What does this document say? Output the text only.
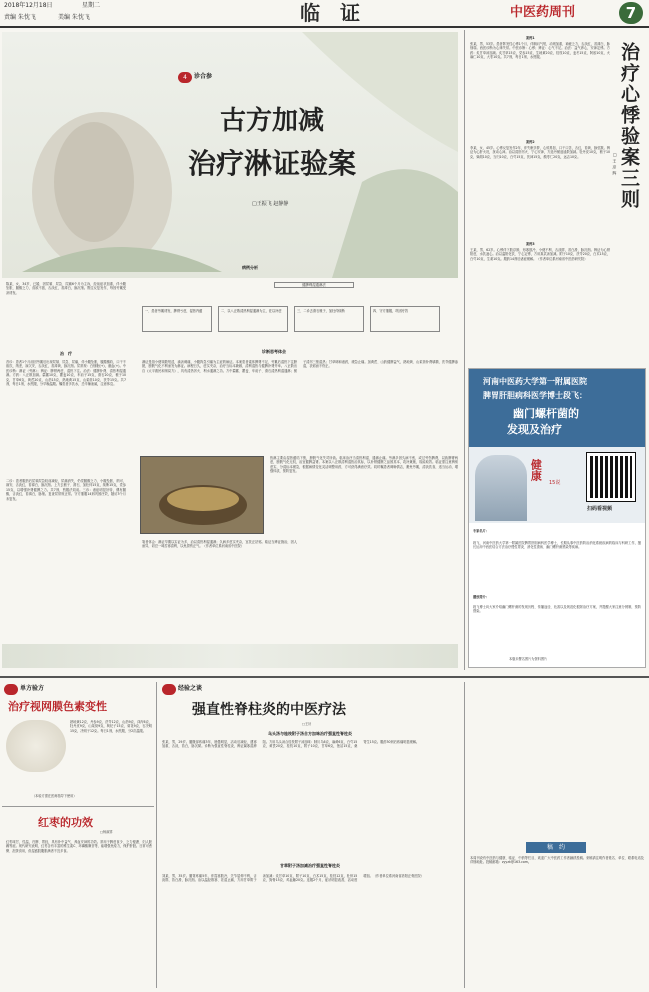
2018年12月18日	星期二
责编 朱忱飞	美编 朱忱飞	临　证	中医药周刊	7
4	诊合参
古方加减
治疗淋证验案
□王振飞 赵静静
陈某，女，34岁，已婚，因尿频、尿急、尿痛6个月为主诉，经前症状加重，伴小腹坠胀，腰酸乏力，食欲不振，舌淡红，苔薄白，脉沉细。既往反复发作，每因劳累受凉诱发。
治　疗
首诊：患者1个月前因劳累后出现尿频、尿急、尿痛，伴小腹坠胀，腰膝酸软，口干不欲饮，纳差，寐欠安，舌淡红，苔薄黄，脉沉细。尿常规：白细胞(+)，潜血(+)。中医诊断：淋证（劳淋）；辨证：脾肾两虚，湿热下注。治法：健脾补肾，清热利湿通淋。方药：八正散加减。萹蓄10克，瞿麦10克，车前子15克，滑石20克，栀子10克，甘草6克，黄芪20克，山药15克，熟地黄15克，山茱萸10克，茯苓15克。共7剂，每日1剂，水煎服，分早晚温服。嘱患者多饮水，忌辛辣油腻，注意休息。
二诊：患者服药后尿频尿急较前减轻，尿痛消失，仍觉腰酸乏力，小腹坠胀，纳可，寐安，舌淡红，苔薄白，脉沉细。上方去栀子、滑石，加杜仲15克，续断15克，党参15克，以增强补肾健脾之力。共7剂，煎服法同前。三诊：诸症明显好转，偶有腰酸，舌淡红，苔薄白，脉细。复查尿常规正常。守方继服14剂巩固疗效，随访3个月未复发。
病例分析
健脾利湿通淋法
一、患者劳累诱发，脾肾亏虚，湿热内蕴	二、以八正散清热利湿通淋为主，佐以补虚	三、二诊去滑石栀子，加杜仲续断	四、守方继服，巩固疗效
诊断思考体会
淋证是指小便频数短涩，滴沥刺痛，小腹拘急引痛为主症的病证。本案患者素体脾肾不足，劳累后湿热下注膀胱，膀胱气化不利而发为淋证。病程日久，虚实夹杂，治疗当标本兼顾，清利湿热与健脾补肾并举。八正散出自《太平惠民和剂局方》，具有清热泻火、利水通淋之功。方中萹蓄、瞿麦、车前子、滑石清热利湿通淋；栀子清泻三焦湿热；甘草调和诸药，缓急止痛。加黄芪、山药健脾益气，熟地黄、山茱萸补肾填精，茯苓健脾渗湿，祛邪而不伤正。
热淋主要由湿热蕴结下焦，膀胱气化失司所致。临床治疗当清热利湿、通淋止痛。劳淋多因久病不愈，或过劳伤脾肾，以致脾肾两虚，膀胱气化无权，治宜健脾益肾。本案以八正散清利湿热治其标，以补肾健脾之品固其本，攻补兼施，故能取效。临证需注意辨别虚实，分清标本缓急，根据病情变化灵活调整用药，方可获得满意疗效。同时嘱患者调畅情志，避免劳累，清淡饮食，适当运动，增强体质，预防复发。
笔者体会：淋证早期以实证为多，治以清热利湿通淋；久病多虚实夹杂，宜扶正祛邪。临证当辨证施治，因人而异，切忌一味苦寒清利，以免损伤正气。（作者单位系河南省中医院）
案例1
张某，男，53岁。患者阵发性心悸1个月，伴胸闷气短，动则加重，神疲乏力，舌淡红，苔薄白，脉细弱。西医诊断为心律失常。中医诊断：心悸；辨证：心气不足。治法：益气养心，安神定悸。方药：炙甘草汤加减。炙甘草15克，党参15克，生地黄20克，桂枝10克，麦冬15克，阿胶10克，火麻仁10克，大枣10克。共7剂，每日1剂，水煎服。
案例2
李某，女，45岁。心悸反复发作2年，伴失眠多梦，心烦易怒，口干口苦，舌红，苔黄，脉弦数。辨证为心肝火旺，扰动心神。治以清肝泻火、宁心安神，方选丹栀逍遥散加减。牡丹皮10克，栀子10克，柴胡10克，当归10克，白芍15克，茯神15克，酸枣仁20克，远志10克。
案例3
王某，男，62岁。心悸伴下肢浮肿，形寒肢冷，小便不利，舌淡胖，苔白滑，脉沉细。辨证为心肾阳虚，水饮凌心。治以温阳化饮、宁心定悸，方用真武汤加减。附子10克，茯苓20克，白术15克，白芍10克，生姜10克。服药14剂后诸症缓解。（作者单位系河南省中医药研究院）
治疗心悸验案三则
□王彦辉
河南中医药大学第一附属医院
脾胃肝胆病科医学博士段飞：
幽门螺杆菌的
发现及治疗
健康
15说
扫码看视频
专家名片：
段飞，河南中医药大学第一附属医院脾胃肝胆病科医学博士，长期从事中医药防治消化系统疾病的临床与科研工作，擅长运用中西医结合方法治疗慢性胃炎、消化性溃疡、幽门螺杆菌感染等疾病。
播放简介：
段飞博士向大家介绍幽门螺杆菌的发现历程、传播途径、危害以及规范化根除治疗方案，并提醒大家注意分餐制，预防感染。
本版未署名图片为资料图片
单方验方
治疗视网膜色素变性
熟地黄12克，丹参9克，茯苓12克，山药9克，泽泻6克，牡丹皮9克，山茱萸9克，枸杞子15克，菊花9克，石决明15克，决明子12克。每日1剂，水煎服，分2次温服。
（本验方需在医师指导下使用）
红枣的功效
□杨淑祥
红枣味甘，性温，归脾、胃经，具有补中益气、养血安神的功效。常用于脾虚食少、乏力便溏、妇人脏躁等症。现代研究表明，红枣含有丰富的维生素C、环磷酸腺苷等，能增强免疫力，保护肝脏。日常可煮粥、泡茶食用，但湿盛脘腹胀满者不宜多食。
经验之谈
强直性脊柱炎的中医疗法
□王针
乌头汤与桂枝附子汤合方加味治疗强直性脊柱炎
张某，男，29岁。腰骶部疼痛3年，晨僵明显，活动后减轻，遇寒加重，舌淡，苔白，脉沉紧。诊断为强直性脊柱炎，辨证属寒湿痹阻。方用乌头汤合桂枝附子汤加味：制川乌6克，麻黄6克，白芍15克，黄芪20克，桂枝10克，附子10克，甘草6克，独活15克，桑寄生15克。服药30剂后疼痛明显缓解。
甘草附子汤加减治疗强直性脊柱炎
刘某，男，35岁。腰背疼痛5年，伴畏寒肢冷，关节屈伸不利，舌淡胖，苔白滑，脉沉细。治以温经散寒、祛湿止痛，方用甘草附子汤加减：炙甘草10克，附子10克，白术15克，桂枝12克，杜仲15克，狗脊15克，鸡血藤20克。连服2个月，症状明显改善，活动度增加。（作者单位系河南省洛阳正骨医院）
稿　约
本周刊设有中医药与健康、临证、中药等栏目，欢迎广大中医药工作者踊跃投稿。来稿请注明作者姓名、单位、联系电话及详细地址。投稿邮箱：zyyzk@163.com。
